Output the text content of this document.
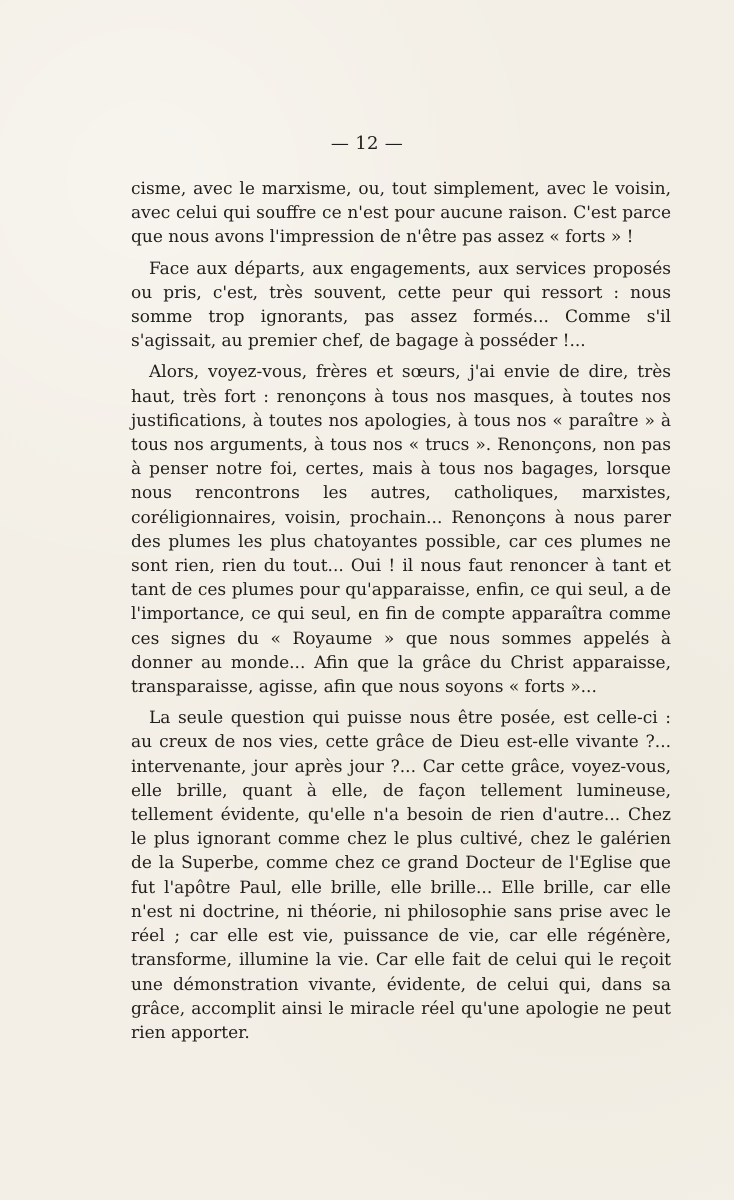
— 12 —

cisme, avec le marxisme, ou, tout simplement, avec le voisin, avec celui qui souffre ce n'est pour aucune raison. C'est parce que nous avons l'impression de n'être pas assez « forts » !

Face aux départs, aux engagements, aux services proposés ou pris, c'est, très souvent, cette peur qui ressort : nous somme trop ignorants, pas assez formés... Comme s'il s'agissait, au premier chef, de bagage à posséder !...

Alors, voyez-vous, frères et sœurs, j'ai envie de dire, très haut, très fort : renonçons à tous nos masques, à toutes nos justifications, à toutes nos apologies, à tous nos « paraître » à tous nos arguments, à tous nos « trucs ». Renonçons, non pas à penser notre foi, certes, mais à tous nos bagages, lorsque nous rencontrons les autres, catholiques, marxistes, coréligionnaires, voisin, prochain... Renonçons à nous parer des plumes les plus chatoyantes possible, car ces plumes ne sont rien, rien du tout... Oui ! il nous faut renoncer à tant et tant de ces plumes pour qu'apparaisse, enfin, ce qui seul, a de l'importance, ce qui seul, en fin de compte apparaîtra comme ces signes du « Royaume » que nous sommes appelés à donner au monde... Afin que la grâce du Christ apparaisse, transparaisse, agisse, afin que nous soyons « forts »...

La seule question qui puisse nous être posée, est celle-ci : au creux de nos vies, cette grâce de Dieu est-elle vivante ?... intervenante, jour après jour ?... Car cette grâce, voyez-vous, elle brille, quant à elle, de façon tellement lumineuse, tellement évidente, qu'elle n'a besoin de rien d'autre... Chez le plus ignorant comme chez le plus cultivé, chez le galérien de la Superbe, comme chez ce grand Docteur de l'Eglise que fut l'apôtre Paul, elle brille, elle brille... Elle brille, car elle n'est ni doctrine, ni théorie, ni philosophie sans prise avec le réel ; car elle est vie, puissance de vie, car elle régénère, transforme, illumine la vie. Car elle fait de celui qui le reçoit une démonstration vivante, évidente, de celui qui, dans sa grâce, accomplit ainsi le miracle réel qu'une apologie ne peut rien apporter.
